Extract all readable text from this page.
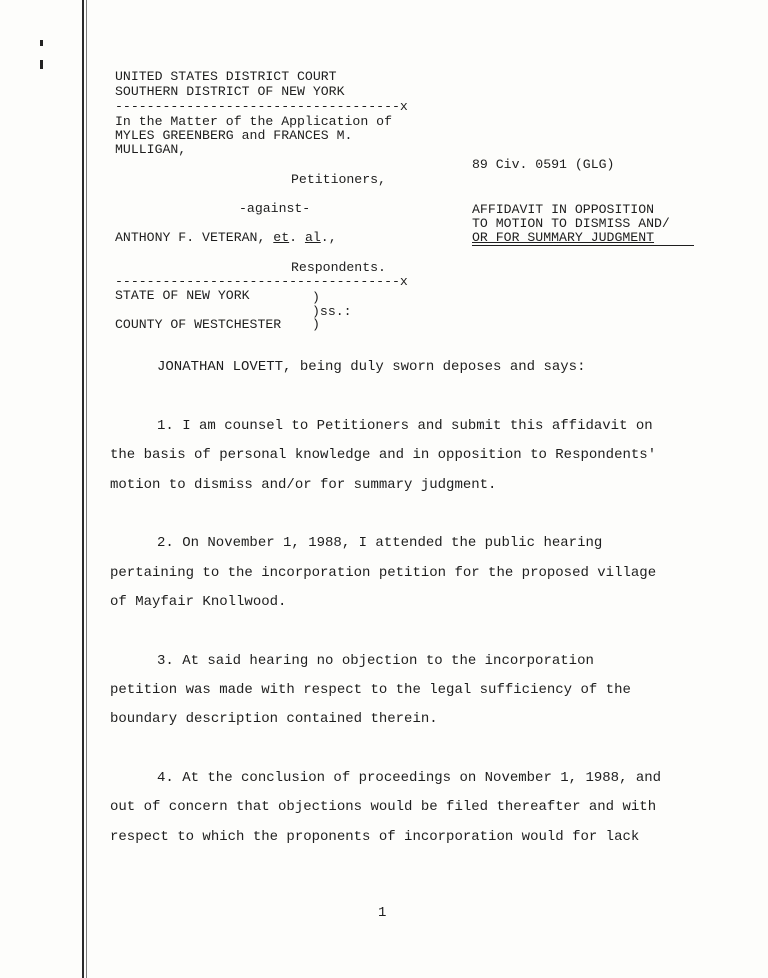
UNITED STATES DISTRICT COURT
SOUTHERN DISTRICT OF NEW YORK
------------------------------------x
In the Matter of the Application of
MYLES GREENBERG and FRANCES M.
MULLIGAN,
89 Civ. 0591 (GLG)
Petitioners,
-against-	AFFIDAVIT IN OPPOSITION
TO MOTION TO DISMISS AND/
OR FOR SUMMARY JUDGMENT
ANTHONY F. VETERAN, et. al.,
Respondents.
------------------------------------x
STATE OF NEW YORK	)
)ss.:
COUNTY OF WESTCHESTER )
JONATHAN LOVETT, being duly sworn deposes and says:
1. I am counsel to Petitioners and submit this affidavit on
the basis of personal knowledge and in opposition to Respondents'
motion to dismiss and/or for summary judgment.
2. On November 1, 1988, I attended the public hearing
pertaining to the incorporation petition for the proposed village
of Mayfair Knollwood.
3. At said hearing no objection to the incorporation
petition was made with respect to the legal sufficiency of the
boundary description contained therein.
4. At the conclusion of proceedings on November 1, 1988, and
out of concern that objections would be filed thereafter and with
respect to which the proponents of incorporation would for lack
1
